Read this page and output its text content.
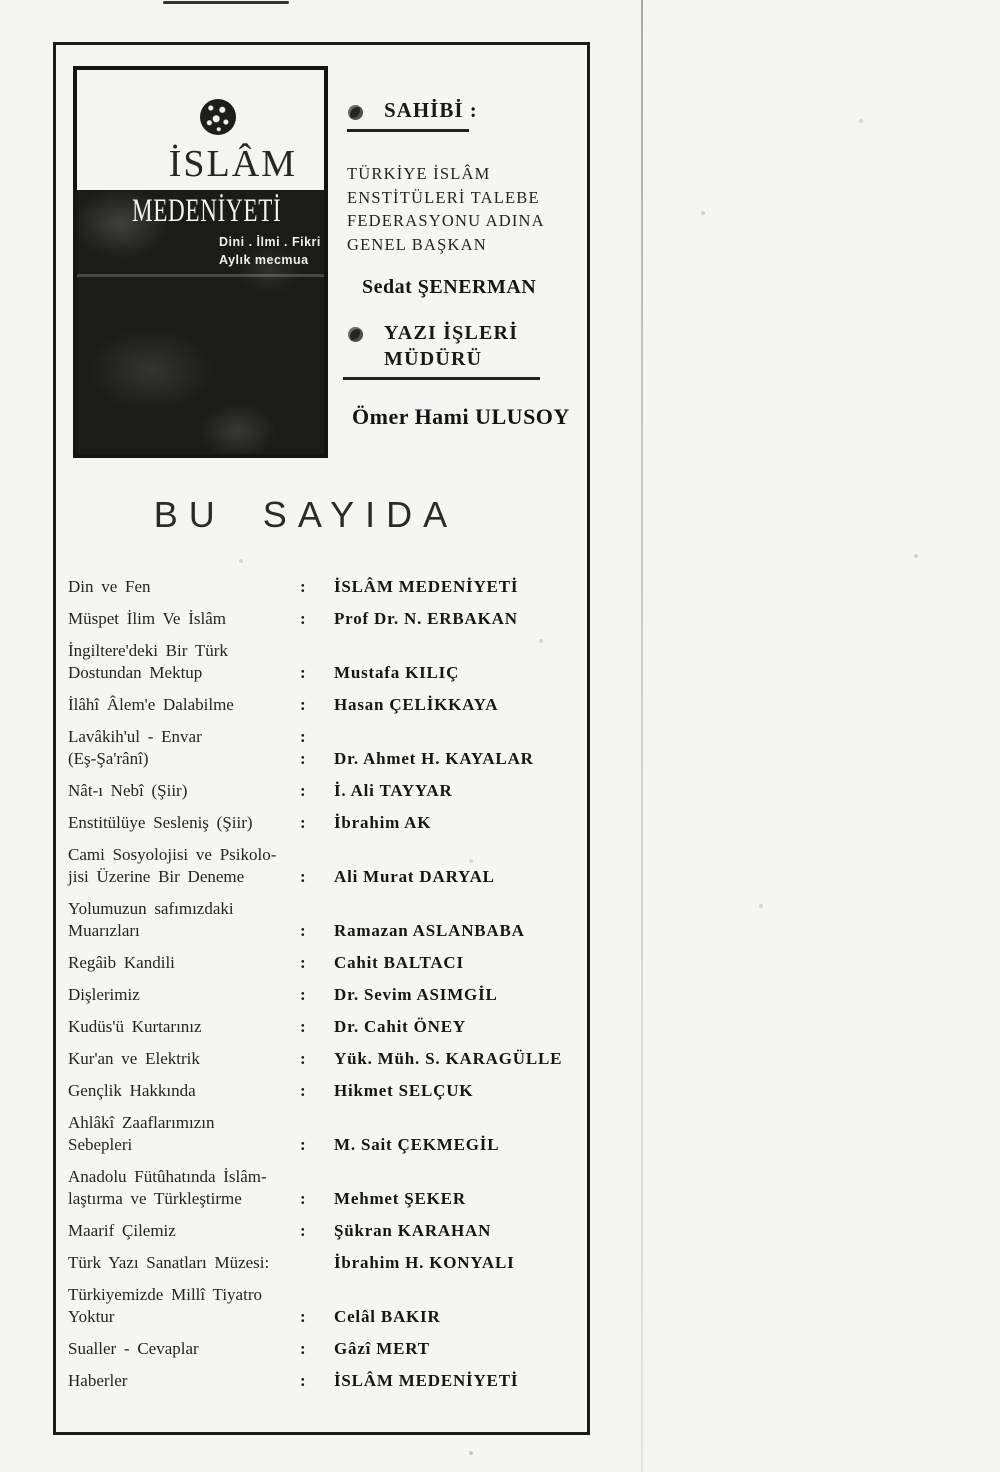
İSLÂM
MEDENİYETİ
Dini . İlmi . Fikri
Aylık mecmua
SAHİBİ :
TÜRKİYE İSLÂM
ENSTİTÜLERİ TALEBE
FEDERASYONU ADINA
GENEL BAŞKAN
Sedat ŞENERMAN
YAZI İŞLERİ
MÜDÜRÜ
Ömer Hami ULUSOY
BU SAYIDA
Din ve Fen	:	İSLÂM MEDENİYETİ
Müspet İlim Ve İslâm	:	Prof Dr. N. ERBAKAN
İngiltere'deki Bir Türk
Dostundan Mektup	:	Mustafa KILIÇ
İlâhî Âlem'e Dalabilme	:	Hasan ÇELİKKAYA
Lavâkih'ul - Envar	:
(Eş-Şa'rânî)	:	Dr. Ahmet H. KAYALAR
Nât-ı Nebî (Şiir)	:	İ. Ali TAYYAR
Enstitülüye Sesleniş (Şiir)	:	İbrahim AK
Cami Sosyolojisi ve Psikolo-
jisi Üzerine Bir Deneme	:	Ali Murat DARYAL
Yolumuzun safımızdaki
Muarızları	:	Ramazan ASLANBABA
Regâib Kandili	:	Cahit BALTACI
Dişlerimiz	:	Dr. Sevim ASIMGİL
Kudüs'ü Kurtarınız	:	Dr. Cahit ÖNEY
Kur'an ve Elektrik	:	Yük. Müh. S. KARAGÜLLE
Gençlik Hakkında	:	Hikmet SELÇUK
Ahlâkî Zaaflarımızın
Sebepleri	:	M. Sait ÇEKMEGİL
Anadolu Fütûhatında İslâm-
laştırma ve Türkleştirme	:	Mehmet ŞEKER
Maarif Çilemiz	:	Şükran KARAHAN
Türk Yazı Sanatları Müzesi:	İbrahim H. KONYALI
Türkiyemizde Millî Tiyatro
Yoktur	:	Celâl BAKIR
Sualler - Cevaplar	:	Gâzî MERT
Haberler	:	İSLÂM MEDENİYETİ
